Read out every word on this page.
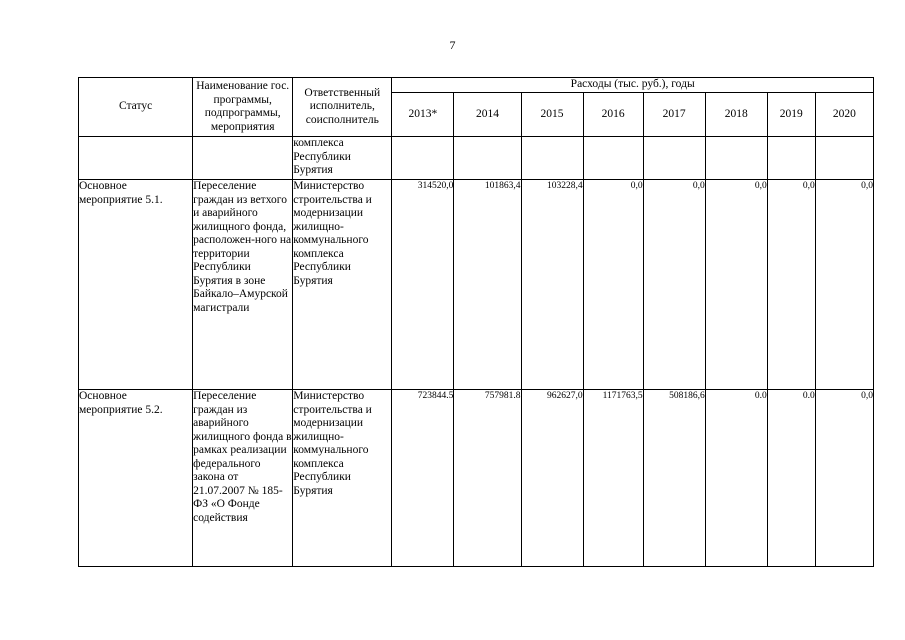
7
Статус	Наименование гос. программы, подпрограммы, мероприятия	Ответственный исполнитель, соисполнитель	Расходы (тыс. руб.), годы							
			2013*	2014	2015	2016	2017	2018	2019	2020
		комплекса Республики Бурятия								
Основное мероприятие 5.1.	Переселение граждан из ветхого и аварийного жилищного фонда, расположен-ного на территории Республики Бурятия в зоне Байкало–Амурской магистрали	Министерство строительства и модернизации жилищно-коммунального комплекса Республики Бурятия	314520,0	101863,4	103228,4	0,0	0,0	0,0	0,0	0,0
Основное мероприятие 5.2.	Переселение граждан из аварийного жилищного фонда в рамках реализации федерального закона от 21.07.2007 № 185-ФЗ «О Фонде содействия	Министерство строительства и модернизации жилищно-коммунального комплекса Республики Бурятия	723844.5	757981.8	962627,0	1171763,5	508186,6	0.0	0.0	0,0
